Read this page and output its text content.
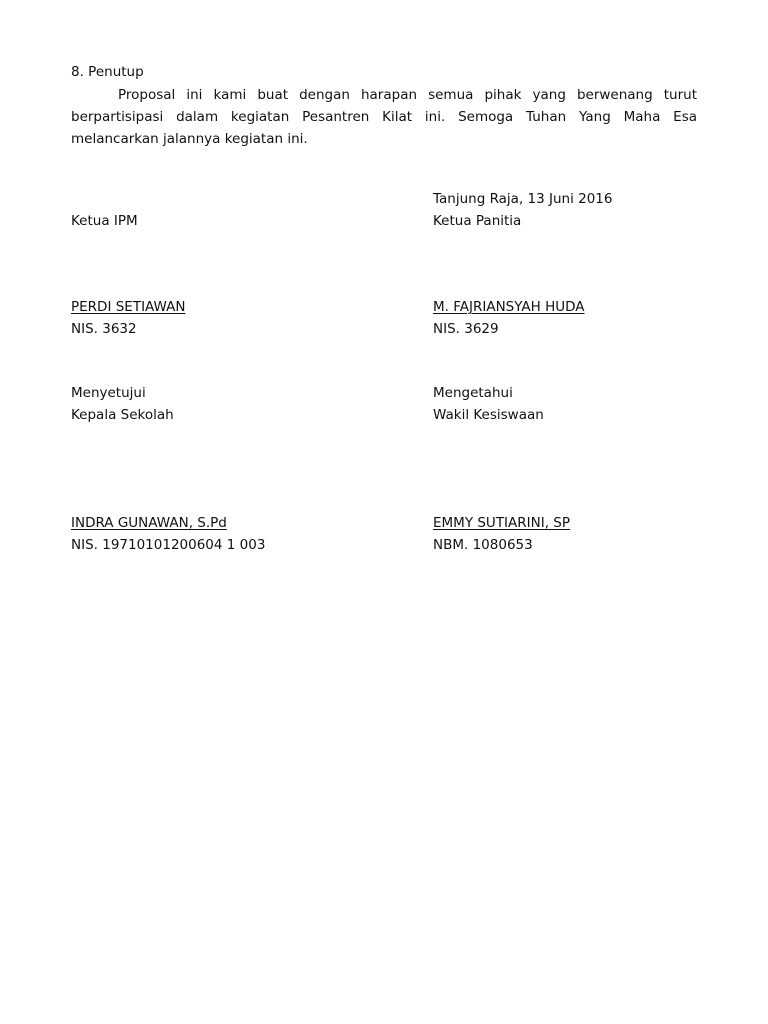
8. Penutup

Proposal ini kami buat dengan harapan semua pihak yang berwenang turut berpartisipasi dalam kegiatan Pesantren Kilat ini. Semoga Tuhan Yang Maha Esa melancarkan jalannya kegiatan ini.

Tanjung Raja, 13 Juni 2016
Ketua IPM	Ketua Panitia
PERDI SETIAWAN	M. FAJRIANSYAH HUDA
NIS. 3632	NIS. 3629
Menyetujui	Mengetahui
Kepala Sekolah	Wakil Kesiswaan
INDRA GUNAWAN, S.Pd	EMMY SUTIARINI, SP
NIS. 19710101200604 1 003	NBM. 1080653
